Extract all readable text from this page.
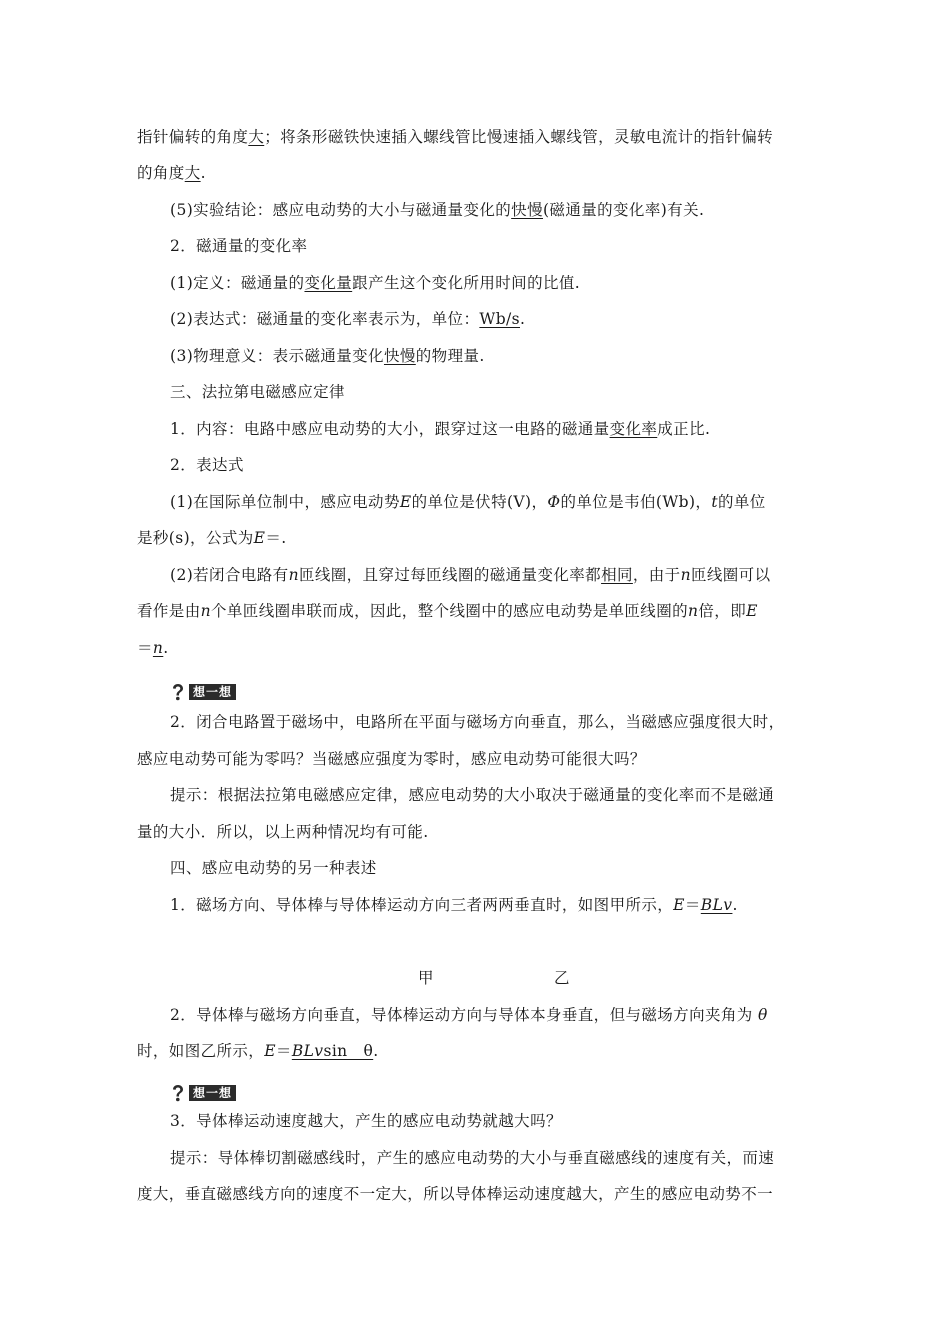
指针偏转的角度大；将条形磁铁快速插入螺线管比慢速插入螺线管，灵敏电流计的指针偏转
的角度大.
(5)实验结论：感应电动势的大小与磁通量变化的快慢(磁通量的变化率)有关.
2．磁通量的变化率
(1)定义：磁通量的变化量跟产生这个变化所用时间的比值.
(2)表达式：磁通量的变化率表示为，单位：Wb/s.
(3)物理意义：表示磁通量变化快慢的物理量.
三、法拉第电磁感应定律
1．内容：电路中感应电动势的大小，跟穿过这一电路的磁通量变化率成正比.
2．表达式
(1)在国际单位制中，感应电动势E的单位是伏特(V)，Φ的单位是韦伯(Wb)，t的单位
是秒(s)，公式为E＝.
(2)若闭合电路有n匝线圈，且穿过每匝线圈的磁通量变化率都相同，由于n匝线圈可以
看作是由n个单匝线圈串联而成，因此，整个线圈中的感应电动势是单匝线圈的n倍，即E
＝n.
想一想
2．闭合电路置于磁场中，电路所在平面与磁场方向垂直，那么，当磁感应强度很大时，
感应电动势可能为零吗？当磁感应强度为零时，感应电动势可能很大吗？
提示：根据法拉第电磁感应定律，感应电动势的大小取决于磁通量的变化率而不是磁通
量的大小．所以，以上两种情况均有可能.
四、感应电动势的另一种表述
1．磁场方向、导体棒与导体棒运动方向三者两两垂直时，如图甲所示，E＝BLv.
甲	乙
2．导体棒与磁场方向垂直，导体棒运动方向与导体本身垂直，但与磁场方向夹角为 θ
时，如图乙所示，E＝BLvsin　θ.
想一想
3．导体棒运动速度越大，产生的感应电动势就越大吗？
提示：导体棒切割磁感线时，产生的感应电动势的大小与垂直磁感线的速度有关，而速
度大，垂直磁感线方向的速度不一定大，所以导体棒运动速度越大，产生的感应电动势不一
